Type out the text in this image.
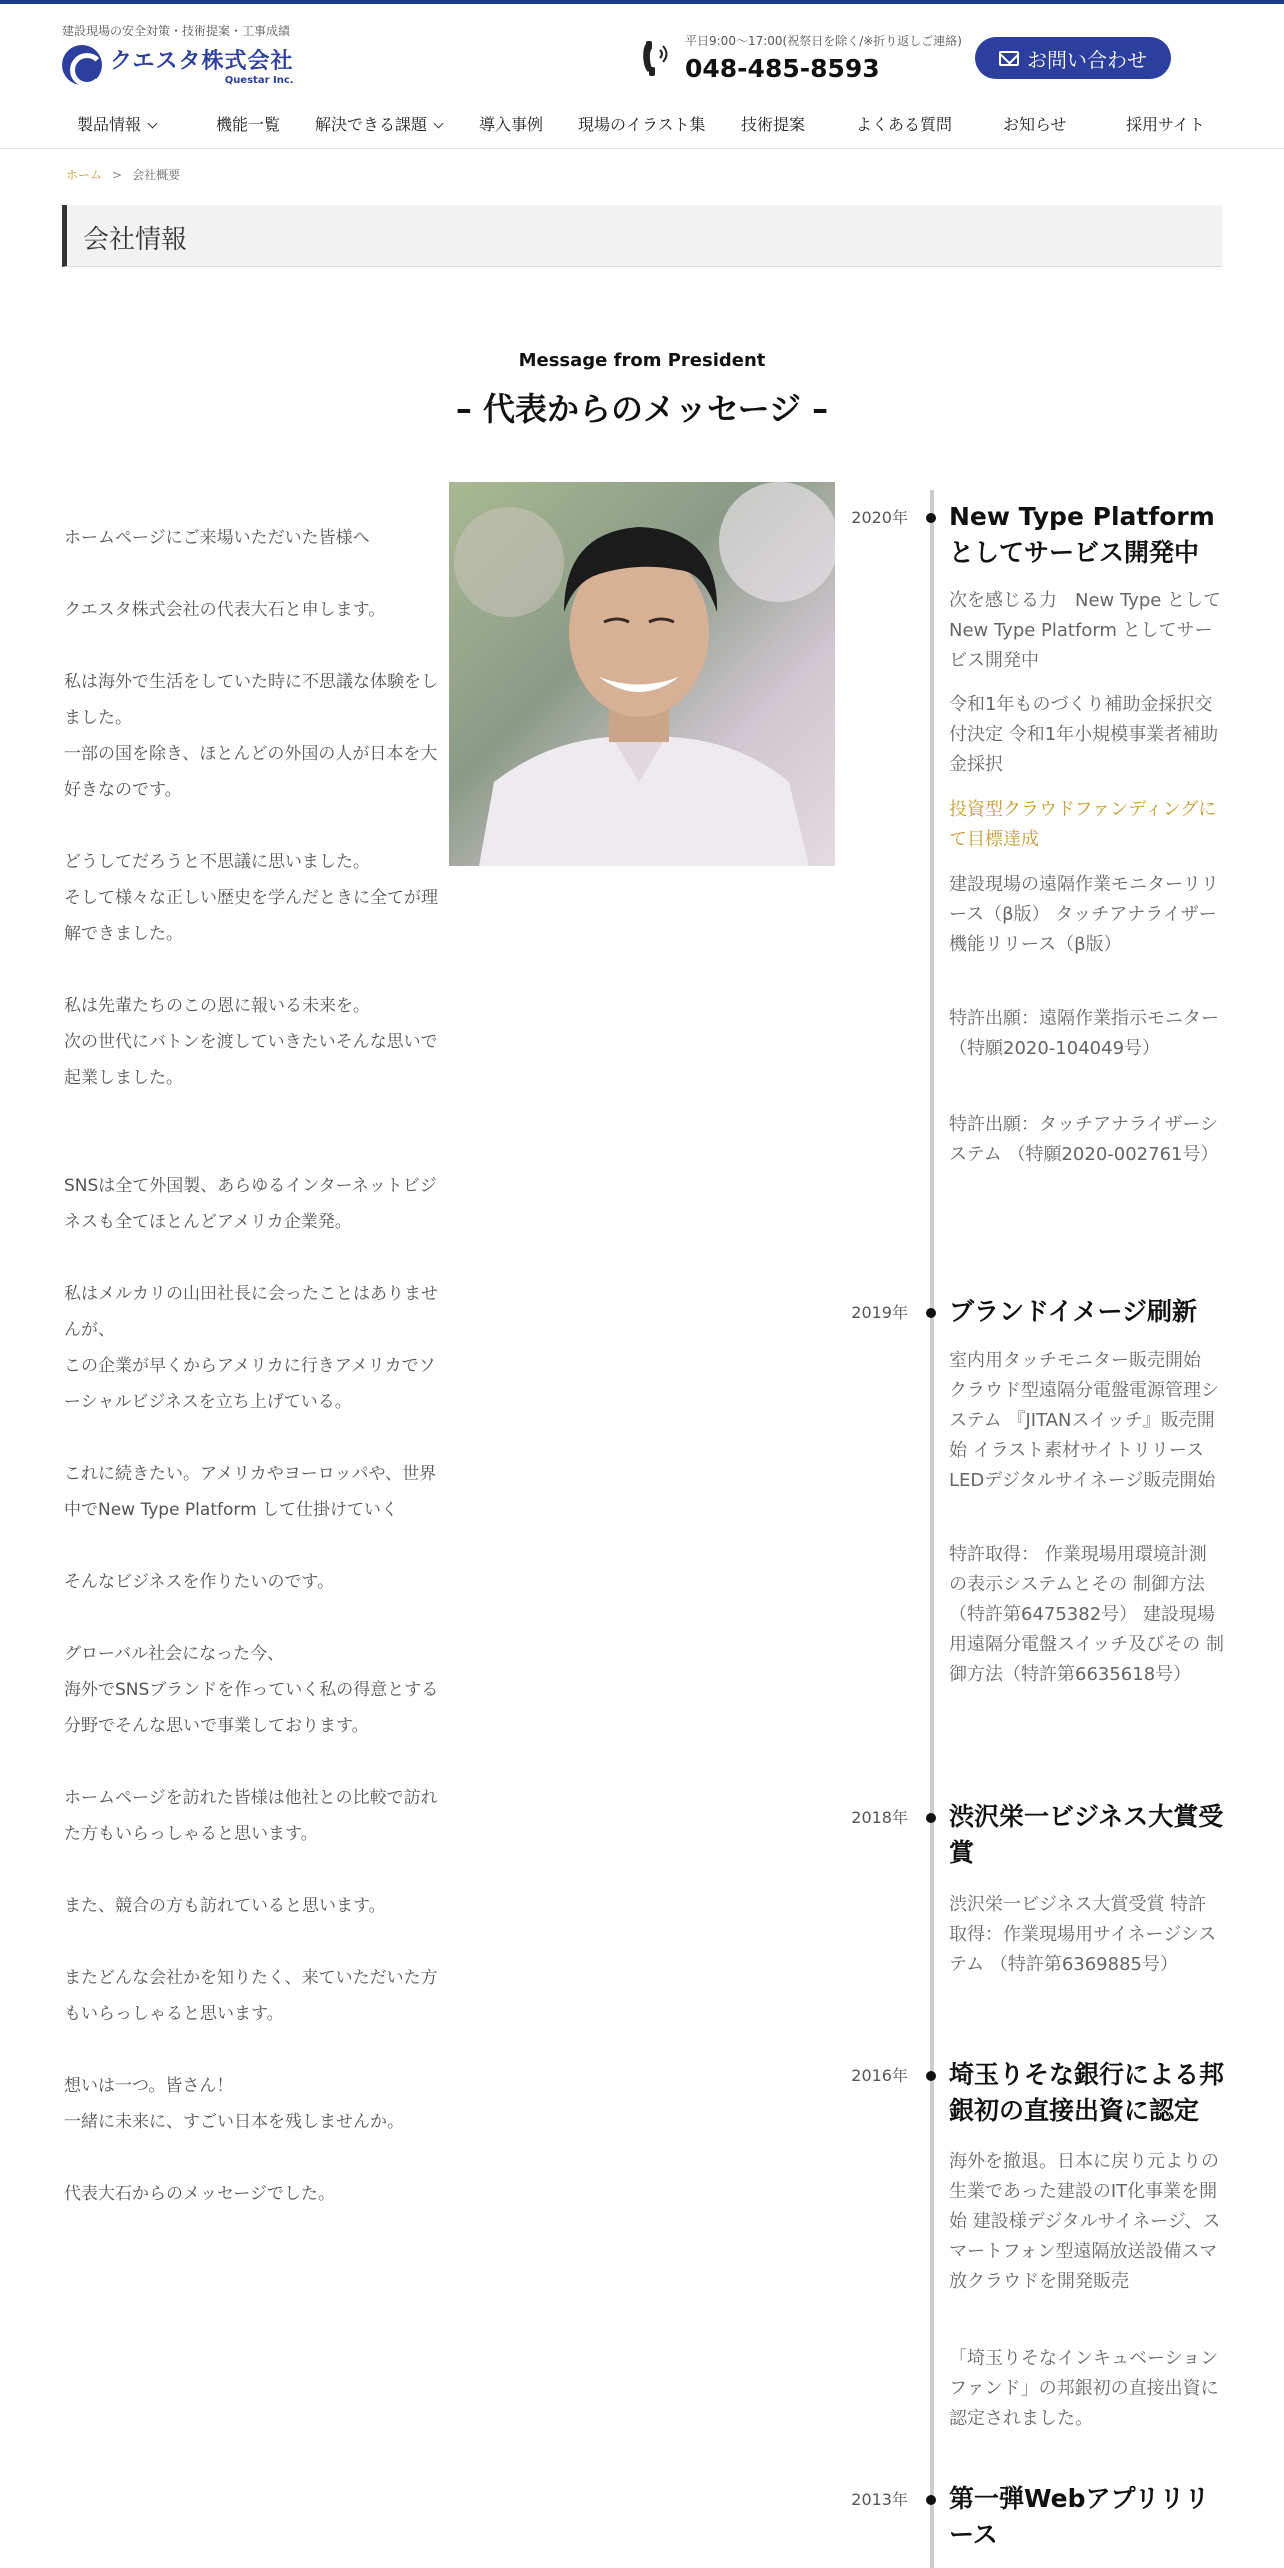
建設現場の安全対策・技術提案・工事成績
クエスタ株式会社
Questar Inc.
平日9:00～17:00(祝祭日を除く/※折り返しご連絡)
048-485-8593	お問い合わせ
製品情報	機能一覧 解決できる課題	導入事例 現場のイラスト集 技術提案	よくある質問	お知らせ	採用サイト
ホーム > 会社概要
会社情報
Message from President
– 代表からのメッセージ –

ホームページにご来場いただいた皆様へ

クエスタ株式会社の代表大石と申します。

私は海外で生活をしていた時に不思議な体験をしました。

一部の国を除き、ほとんどの外国の人が日本を大好きなのです。

どうしてだろうと不思議に思いました。

そして様々な正しい歴史を学んだときに全てが理解できました。

私は先輩たちのこの恩に報いる未来を。

次の世代にバトンを渡していきたいそんな思いで起業しました。

SNSは全て外国製、あらゆるインターネットビジネスも全てほとんどアメリカ企業発。

私はメルカリの山田社長に会ったことはありませんが、

この企業が早くからアメリカに行きアメリカでソーシャルビジネスを立ち上げている。

これに続きたい。アメリカやヨーロッパや、世界中でNew Type Platform して仕掛けていく

そんなビジネスを作りたいのです。

グローバル社会になった今、

海外でSNSブランドを作っていく私の得意とする分野でそんな思いで事業しております。

ホームページを訪れた皆様は他社との比較で訪れた方もいらっしゃると思います。

また、競合の方も訪れていると思います。

またどんな会社かを知りたく、来ていただいた方もいらっしゃると思います。

想いは一つ。皆さん！

一緒に未来に、すごい日本を残しませんか。

代表大石からのメッセージでした。

2020年 New Type Platform としてサービス開発中
次を感じる力　New Type として New Type Platform としてサービス開発中
令和1年ものづくり補助金採択交付決定 令和1年小規模事業者補助金採択
投資型クラウドファンディングにて目標達成
建設現場の遠隔作業モニターリリース（β版） タッチアナライザー機能リリース（β版）
特許出願：遠隔作業指示モニター （特願2020-104049号）
特許出願：タッチアナライザーシステム （特願2020-002761号）
2019年 ブランドイメージ刷新
室内用タッチモニター販売開始 クラウド型遠隔分電盤電源管理システム 『JITANスイッチ』販売開始 イラスト素材サイトリリース LEDデジタルサイネージ販売開始
特許取得： 作業現場用環境計測の表示システムとその 制御方法 （特許第6475382号） 建設現場用遠隔分電盤スイッチ及びその 制御方法（特許第6635618号）
2018年 渋沢栄一ビジネス大賞受賞
渋沢栄一ビジネス大賞受賞 特許取得：作業現場用サイネージシステム （特許第6369885号）
2016年 埼玉りそな銀行による邦銀初の直接出資に認定
海外を撤退。日本に戻り元よりの生業であった建設のIT化事業を開始 建設様デジタルサイネージ、スマートフォン型遠隔放送設備スマ放クラウドを開発販売
「埼玉りそなインキュベーションファンド」の邦銀初の直接出資に認定されました。
2013年 第一弾Webアプリリリース
